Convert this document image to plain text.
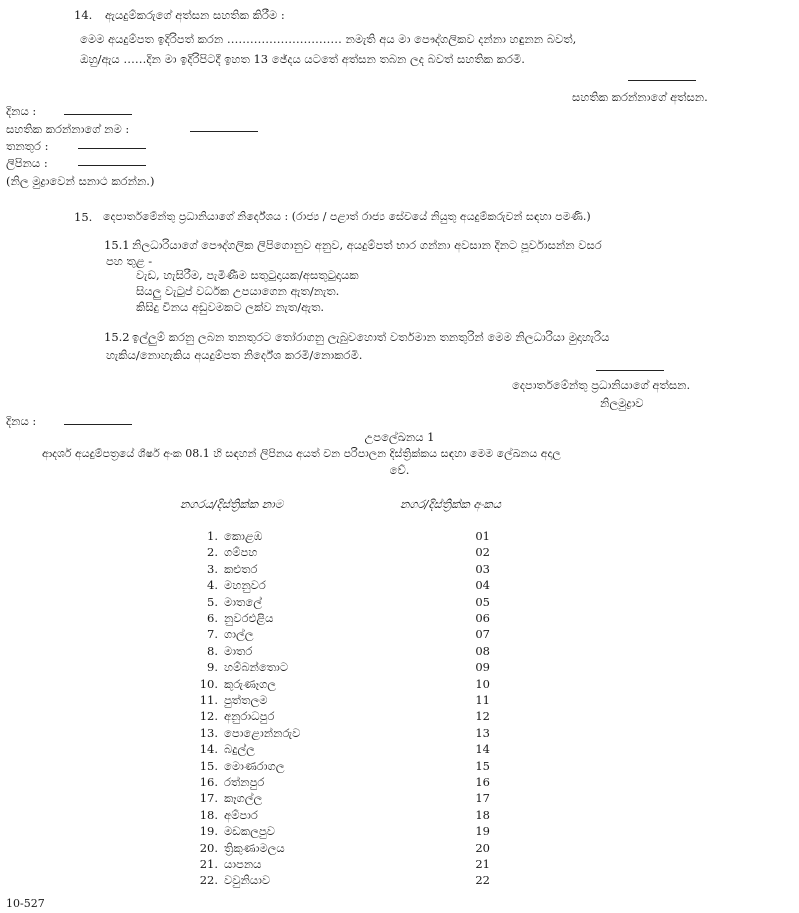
14. ඇයදුම්කරුගේ අත්සන සහතික කිරීම :
මෙම අයදුම්පත ඉදිරිපත් කරන ………………………… නමැති අය මා පෞද්ගලිකව දන්නා හඳුනන බවත්,
ඔහු/ඇය ……දින මා ඉදිරිපිටදී ඉහත 13 ඡේදය යටතේ අත්සන තබන ලද බවත් සහතික කරමි.
සහතික කරන්නාගේ අත්සන.
දිනය :
සහතික කරන්නාගේ නම :
තනතුර :
ලිපිනය :
(නිල මුද්‍රාවෙන් සනාථ කරන්න.)
15. දෙපාර්තමේන්තු ප්‍රධානියාගේ නිර්දේශය : (රාජ්‍ය / පළාත් රාජ්‍ය සේවයේ නියුතු අයදුම්කරුවන් සඳහා පමණි.)
15.1 නිලධාරියාගේ පෞද්ගලික ලිපිගොනුව අනුව, අයදුම්පත් භාර ගන්නා අවසාන දිනට පූර්වාසන්න වසර
පහ තුළ -
වැඩ, හැසිරීම, පැමිණීම සතුටුදායක/අසතුටුදායක
සියලු වැටුප් වර්ධක උපයාගෙන ඇත/නැත.
කිසිදු විනය අඩුවමකට ලක්ව නැත/ඇත.
15.2 ඉල්ලුම් කරනු ලබන තනතුරට තෝරාගනු ලැබුවහොත් වර්තමාන තනතුරින් මෙම නිලධාරියා මුදාහැරිය
හැකිය/නොහැකිය අයදුම්පත නිර්දේශ කරමි/නොකරමි.
දෙපාර්තමේන්තු ප්‍රධානියාගේ අත්සන.
නිලමුද්‍රාව
දිනය :
උපලේඛනය 1
ආදර්ශ අයදුම්පත්‍රයේ ශීර්ෂ අංක 08.1 හි සඳහන් ලිපිනය අයත් වන පරිපාලන දිස්ත්‍රික්කය සඳහා මෙම ලේඛනය අදාල
වේ.
නගරය/දිස්ත්‍රික්ක නාම	නගර/දිස්ත්‍රික්ක අංකය
1. කොළඹ	01
2. ගම්පහ	02
3. කළුතර	03
4. මහනුවර	04
5. මාතලේ	05
6. නුවරඑළිය	06
7. ගාල්ල	07
8. මාතර	08
9. හම්බන්තොට	09
10. කුරුණෑගල	10
11. පුත්තලම	11
12. අනුරාධපුර	12
13. පොළොන්නරුව	13
14. බදුල්ල	14
15. මොණරාගල	15
16. රත්නපුර	16
17. කෑගල්ල	17
18. අම්පාර	18
19. මඩකලපුව	19
20. ත්‍රිකුණාමලය	20
21. යාපනය	21
22. වවුනියාව	22
10-527
